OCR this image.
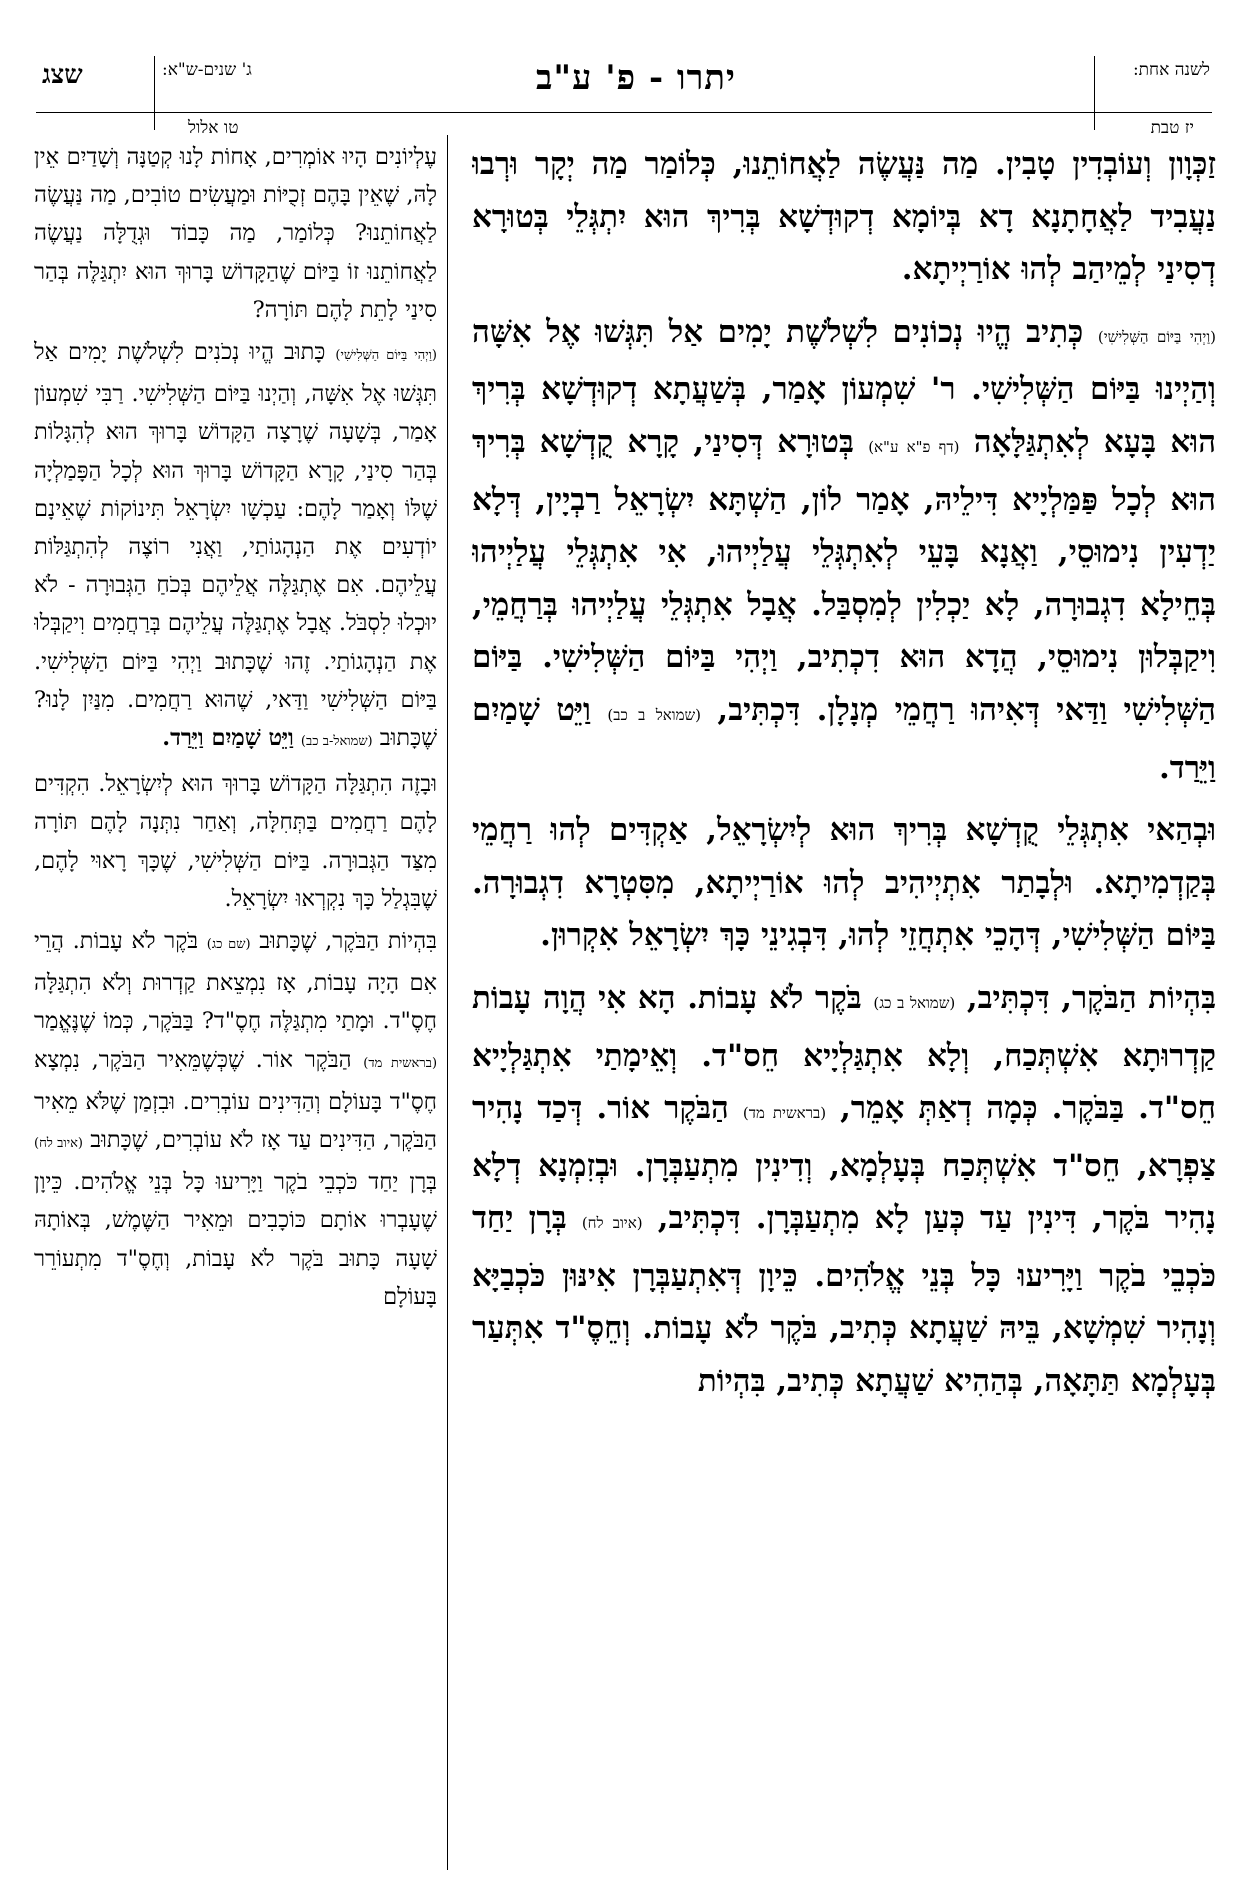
לשנה אחת:
יז טבת
יתרו - פ' ע"ב
ג' שנים-ש"א:
טו אלול
שצג

זַכְּוָון וְעוֹבְדִין טָבִין. מַה נַּעֲשֶׂה לַאֲחוֹתֵנוּ, כְּלוֹמַר מַה יְקָר וּרְבוּ נַעֲבִיד לַאֲחָתָנָא דָא בְּיוֹמָא דְקוּדְשָׁא בְּרִיךְ הוּא יִתְגְּלֵי בְּטוּרָא דְסִינַי לְמֵיהַב לְהוּ אוֹרַיְיתָא.

(וַיְהִי בַּיּוֹם הַשְּׁלִישִׁי) כְּתִיב הֱיוּ נְכוֹנִים לִשְׁלֹשֶׁת יָמִים אַל תִּגְּשׁוּ אֶל אִשָּׁה וְהַיְינוּ בַּיּוֹם הַשְּׁלִישִׁי. ר' שִׁמְעוֹן אָמַר, בְּשַׁעֲתָא דְקוּדְשָׁא בְּרִיךְ הוּא בָּעָא לְאִתְגַּלָּאָה (דף פ"א ע"א) בְּטוּרָא דְּסִינַי, קָרָא קֻדְשָׁא בְּרִיךְ הוּא לְכָל פַּמַּלְיָיא דִּילֵיהּ, אָמַר לוֹן, הַשְׁתָּא יִשְׂרָאֵל רַבְיָין, דְּלָא יַדְעִין נִימוּסֵי, וַאֲנָא בָּעֵי לְאִתְגְּלֵי עֲלַיְיהוּ, אִי אִתְגְּלֵי עֲלַיְיהוּ בְּחֵילָא דִגְבוּרָה, לָא יַכְלִין לְמִסְבַּל. אֲבָל אִתְגְּלֵי עֲלַיְיהוּ בְּרַחֲמֵי, וִיקַבְּלוּן נִימוּסֵי, הֲדָא הוּא דִכְתִיב, וַיְהִי בַּיּוֹם הַשְּׁלִישִׁי. בַּיּוֹם הַשְּׁלִישִׁי וַדַּאי דְּאִיהוּ רַחֲמֵי מְנָלָן. דִּכְתִּיב, (שמואל ב כב) וַיֵּט שָׁמַיִם וַיֵּרַד.

וּבְהַאי אִתְגְּלֵי קֻדְשָׁא בְּרִיךְ הוּא לְיִשְׂרָאֵל, אַקְדִּים לְהוּ רַחֲמֵי בְּקַדְמִיתָא. וּלְבָתַר אִתְיְיהִיב לְהוּ אוֹרַיְיתָא, מִסִּטְרָא דִגְבוּרָה. בַּיּוֹם הַשְּׁלִישִׁי, דְּהָכֵי אִתְחֲזֵי לְהוּ, דִּבְגִינֵי כָּךְ יִשְׂרָאֵל אִקְרוּן.

בִּהְיוֹת הַבֹּקֶר, דִּכְתִּיב, (שמואל ב כג) בֹּקֶר לֹא עָבוֹת. הָא אִי הֲוָה עָבוֹת קַדְרוּתָא אִשְׁתְּכַח, וְלָא אִתְגַּלְיָיא חֵס"ד. וְאֵימָתַי אִתְגַּלְיָיא חֵס"ד. בַּבֹּקֶר. כְּמָה דְאַתְּ אָמֵר, (בראשית מד) הַבֹּקֶר אוֹר. דְּכַד נָהִיר צַפְרָא, חֵס"ד אִשְׁתְּכַח בְּעָלְמָא, וְדִינִין מִתְעַבְּרָן. וּבְזִמְנָא דְלָא נָהִיר בֹּקֶר, דִּינִין עַד כְּעַן לָא מִתְעַבְּרָן. דִּכְתִּיב, (איוב לח) בְּרָן יַחַד כֹּכְבֵי בֹקֶר וַיָּרִיעוּ כָּל בְּנֵי אֱלֹהִים. כֵּיוָן דְּאִתְעַבְּרָן אִינּוּן כֹּכְבַיָּא וְנָהִיר שִׁמְשָׁא, בֵּיהּ שַׁעֲתָא כְּתִיב, בֹּקֶר לֹא עָבוֹת. וְחֵסֶ"ד אִתְּעַר בְּעָלְמָא תַּתָּאָה, בְּהַהִיא שַׁעֲתָא כְּתִיב, בִּהְיוֹת

עֶלְיוֹנִים הָיוּ אוֹמְרִים, אָחוֹת לָנוּ קְטַנָּה וְשָׁדַיִם אֵין לָהּ, שֶׁאֵין בָּהֶם זְכֻיּוֹת וּמַעֲשִׂים טוֹבִים, מַה נַּעֲשֶׂה לַאֲחוֹתֵנוּ? כְּלוֹמַר, מַה כָּבוֹד וּגְדֻלָּה נַעֲשֶׂה לַאֲחוֹתֵנוּ זוֹ בַּיּוֹם שֶׁהַקָּדוֹשׁ בָּרוּךְ הוּא יִתְגַּלֶּה בְּהַר סִינַי לָתֵת לָהֶם תּוֹרָה?

(וַיְהִי בַּיּוֹם הַשְּׁלִישִׁי) כָּתוּב הֱיוּ נְכֹנִים לִשְׁלֹשֶׁת יָמִים אַל תִּגְּשׁוּ אֶל אִשָּׁה, וְהַיְנוּ בַּיּוֹם הַשְּׁלִישִׁי. רַבִּי שִׁמְעוֹן אָמַר, בְּשָׁעָה שֶׁרָצָה הַקָּדוֹשׁ בָּרוּךְ הוּא לְהִגָּלוֹת בְּהַר סִינַי, קָרָא הַקָּדוֹשׁ בָּרוּךְ הוּא לְכָל הַפָּמַלְיָה שֶׁלּוֹ וְאָמַר לָהֶם: עַכְשָׁו יִשְׂרָאֵל תִּינוֹקוֹת שֶׁאֵינָם יוֹדְעִים אֶת הַנְהָגוֹתַי, וַאֲנִי רוֹצֶה לְהִתְגַּלּוֹת עֲלֵיהֶם. אִם אֶתְגַּלֶּה אֲלֵיהֶם בְּכֹחַ הַגְּבוּרָה - לֹא יוּכְלוּ לִסְבֹּל. אֲבָל אֶתְגַּלֶּה עֲלֵיהֶם בְּרַחֲמִים וִיקַבְּלוּ אֶת הַנְהָגוֹתַי. זֶהוּ שֶׁכָּתוּב וַיְהִי בַּיּוֹם הַשְּׁלִישִׁי. בַּיּוֹם הַשְּׁלִישִׁי וַדַּאי, שֶׁהוּא רַחֲמִים. מִנַּיִן לָנוּ? שֶׁכָּתוּב (שמואל-ב כב) וַיֵּט שָׁמַיִם וַיֵּרַד.

וּבָזֶה הִתְגַּלָּה הַקָּדוֹשׁ בָּרוּךְ הוּא לְיִשְׂרָאֵל. הִקְדִּים לָהֶם רַחֲמִים בַּתְּחִלָּה, וְאַחַר נִתְּנָה לָהֶם תּוֹרָה מִצַּד הַגְּבוּרָה. בַּיּוֹם הַשְּׁלִישִׁי, שֶׁכָּךְ רָאוּי לָהֶם, שֶׁבִּגְלַל כָּךְ נִקְרְאוּ יִשְׂרָאֵל.

בִּהְיוֹת הַבֹּקֶר, שֶׁכָּתוּב (שם כג) בֹּקֶר לֹא עָבוֹת. הֲרֵי אִם הָיָה עָבוֹת, אָז נִמְצֵאת קַדְרוּת וְלֹא הִתְגַּלָּה חֶסֶ"ד. וּמָתַי מִתְגַּלֶּה חֶסֶ"ד? בַּבֹּקֶר, כְּמוֹ שֶׁנֶּאֱמַר (בראשית מד) הַבֹּקֶר אוֹר. שֶׁכְּשֶׁמֵּאִיר הַבֹּקֶר, נִמְצָא חֶסֶ"ד בָּעוֹלָם וְהַדִּינִים עוֹבְרִים. וּבִזְמַן שֶׁלֹּא מֵאִיר הַבֹּקֶר, הַדִּינִים עַד אָז לֹא עוֹבְרִים, שֶׁכָּתוּב (איוב לח) בְּרָן יַחַד כֹּכְבֵי בֹקֶר וַיָּרִיעוּ כָּל בְּנֵי אֱלֹהִים. כֵּיוָן שֶׁעָבְרוּ אוֹתָם כּוֹכָבִים וּמֵאִיר הַשֶּׁמֶשׁ, בְּאוֹתָהּ שָׁעָה כָּתוּב בֹּקֶר לֹא עָבוֹת, וְחֶסֶ"ד מִתְעוֹרֵר בָּעוֹלָם
